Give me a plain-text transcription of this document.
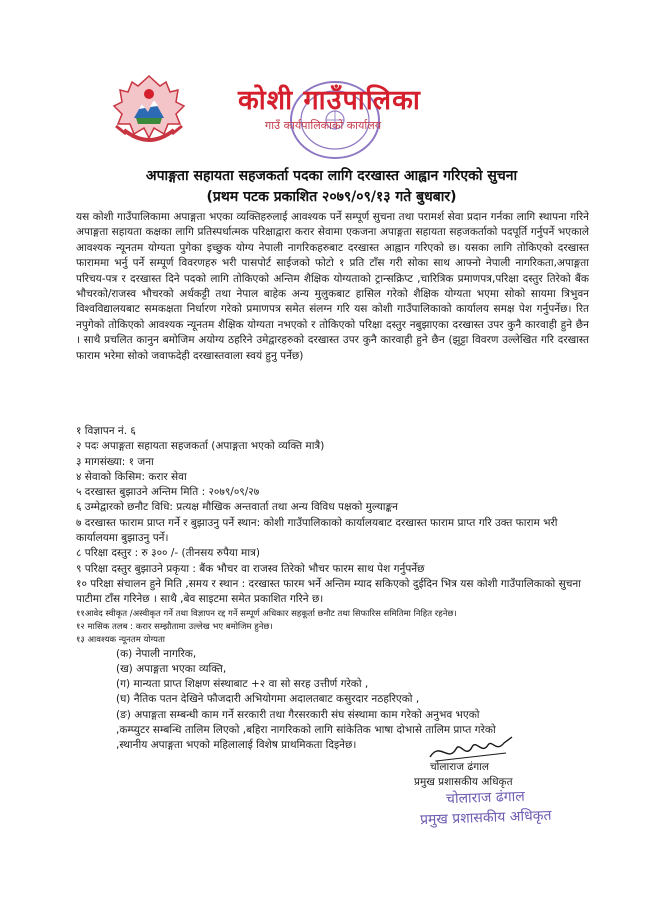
कोशी गाउँपालिका
गाउँ कार्यपालिकाको कार्यालय
अपाङ्गता सहायता सहजकर्ता पदका लागि दरखास्त आह्वान गरिएको सुचना
(प्रथम पटक प्रकाशित २०७९/०९/१३ गते बुधबार)
यस कोशी गाउँपालिकामा अपाङ्गता भएका व्यक्तिहरुलाई आवश्यक पर्ने सम्पूर्ण सुचना तथा परामर्श सेवा प्रदान गर्नका लागि स्थापना गरिने अपाङ्गता सहायता कक्षका लागि प्रतिस्पर्धात्मक परिक्षाद्वारा करार सेवामा एकजना अपाङ्गता सहायता सहजकर्ताको पदपूर्ति गर्नुपर्ने भएकाले आवश्यक न्यूनतम योग्यता पुगेका इच्छुक योग्य नेपाली नागरिकहरुबाट दरखास्त आह्वान गरिएको छ। यसका लागि तोकिएको दरखास्त फाराममा भर्नु पर्ने सम्पूर्ण विवरणहरु भरी पासपोर्ट साईजको फोटो १ प्रति टाँस गरी सोका साथ आफ्नो नेपाली नागरिकता,अपाङ्गता परिचय-पत्र र दरखास्त दिने पदको लागि तोकिएको अन्तिम शैक्षिक योग्यताको ट्रान्सक्रिप्ट ,चारित्रिक प्रमाणपत्र,परिक्षा दस्तुर तिरेको बैंक भौचरको/राजस्व भौचरको अर्धकट्टी तथा नेपाल बाहेक अन्य मुलुकबाट हासिल गरेको शैक्षिक योग्यता भएमा सोको सायमा त्रिभुवन विश्वविद्यालयबाट समकक्षता निर्धारण गरेको प्रमाणपत्र समेत संलग्न गरि यस कोशी गाउँपालिकाको कार्यालय समक्ष पेश गर्नुपर्नेछ। रित नपुगेको तोकिएको आवश्यक न्यूनतम शैक्षिक योग्यता नभएको र तोकिएको परिक्षा दस्तुर नबुझाएका दरखास्त उपर कुनै कारवाही हुने छैन । साथै प्रचलित कानुन बमोजिम अयोग्य ठहरिने उमेद्वारहरुको दरखास्त उपर कुनै कारवाही हुने छैन (झुट्टा विवरण उल्लेखित गरि दरखास्त फाराम भरेमा सोको जवाफदेही दरखास्तवाला स्वयं हुनु पर्नेछ)
१ विज्ञापन नं. ६
२ पदः अपाङ्गता सहायता सहजकर्ता (अपाङ्गता भएको व्यक्ति मात्रै)
३ मागसंख्या: १ जना
४ सेवाको किसिम: करार सेवा
५ दरखास्त बुझाउने अन्तिम मिति : २०७९/०९/२७
६ उम्मेद्वारको छनौट विधि: प्रत्यक्ष मौखिक अन्तवार्ता तथा अन्य विविध पक्षको मुल्याङ्कन
७ दरखास्त फाराम प्राप्त गर्ने र बुझाउनु पर्ने स्थान: कोशी गाउँपालिकाको कार्यालयबाट दरखास्त फाराम प्राप्त गरि उक्त फाराम भरी कार्यालयमा बुझाउनु पर्ने।
८ परिक्षा दस्तुर : रु ३०० /- (तीनसय रुपैया मात्र)
९ परिक्षा दस्तुर बुझाउने प्रकृया : बैंक भौचर वा राजस्व तिरेको भौचर फारम साथ पेश गर्नुपर्नेछ
१० परिक्षा संचालन हुने मिति ,समय र स्थान : दरखास्त फारम भर्ने अन्तिम म्याद सकिएको दुईदिन भित्र यस कोशी गाउँपालिकाको सुचना पाटीमा टाँस गरिनेछ । साथै ,बेव साइटमा समेत प्रकाशित गरिने छ।
११आवेद स्वीकृत /अस्वीकृत गर्ने तथा विज्ञापन रद्द गर्ने सम्पूर्ण अधिकार सहकूर्ता छनौट तथा सिफारिस समितिमा निहित रहनेछ।
१२ मासिक तलब : करार सम्झौतामा उल्लेख भए बमोजिम हुनेछ।
१३ आवश्यक न्यूनतम योग्यता
(क) नेपाली नागरिक,
(ख) अपाङ्गता भएका व्यक्ति,
(ग) मान्यता प्राप्त शिक्षण संस्थाबाट +२ वा सो सरह उत्तीर्ण गरेको ,
(घ) नैतिक पतन देखिने फौजदारी अभियोगमा अदालतबाट कसुरदार नठहरिएको ,
(ङ) अपाङ्गता सम्बन्धी काम गर्ने सरकारी तथा गैरसरकारी संघ संस्थामा काम गरेको अनुभव भएको
,कम्प्युटर सम्बन्धि तालिम लिएको ,बहिरा नागरिकको लागि सांकेतिक भाषा दोभासे तालिम प्राप्त गरेको
,स्थानीय अपाङ्गता भएको महिलालाई विशेष प्राथमिकता दिइनेछ।
चोलाराज ढंगाल
प्रमुख प्रशासकीय अधिकृत
चोलाराज ढंगाल
प्रमुख प्रशासकीय अधिकृत
